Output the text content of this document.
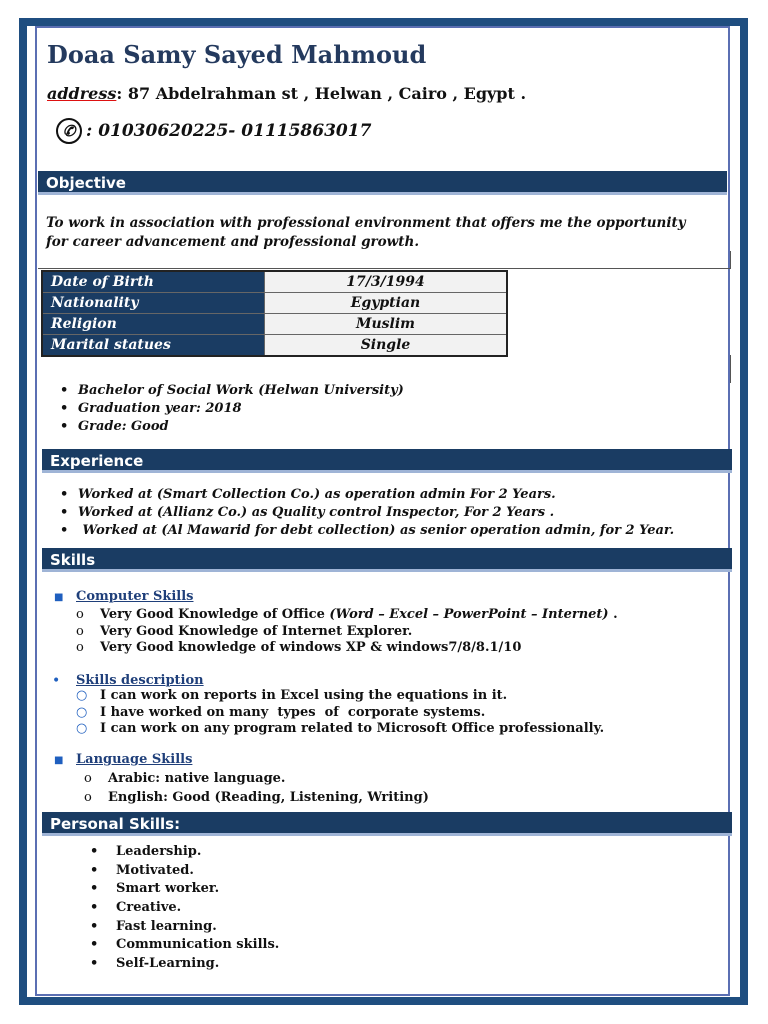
Doaa Samy Sayed Mahmoud
address: 87 Abdelrahman st , Helwan , Cairo , Egypt .
✆ : 01030620225- 01115863017
Objective
To work in association with professional environment that offers me the opportunity
for career advancement and professional growth.
Date of Birth	17/3/1994
Nationality	Egyptian
Religion	Muslim
Marital statues	Single
• Bachelor of Social Work (Helwan University)
• Graduation year: 2018
• Grade: Good
Experience
• Worked at (Smart Collection Co.) as operation admin For 2 Years.
• Worked at (Allianz Co.) as Quality control Inspector, For 2 Years .
• Worked at (Al Mawarid for debt collection) as senior operation admin, for 2 Year.
Skills
■ Computer Skills
o Very Good Knowledge of Office (Word – Excel – PowerPoint – Internet) .
o Very Good Knowledge of Internet Explorer.
o Very Good knowledge of windows XP & windows7/8/8.1/10
• Skills description
○ I can work on reports in Excel using the equations in it.
○ I have worked on many  types  of  corporate systems.
○ I can work on any program related to Microsoft Office professionally.
■ Language Skills
o Arabic: native language.
o English: Good (Reading, Listening, Writing)
Personal Skills:
• Leadership.
• Motivated.
• Smart worker.
• Creative.
• Fast learning.
• Communication skills.
• Self-Learning.
